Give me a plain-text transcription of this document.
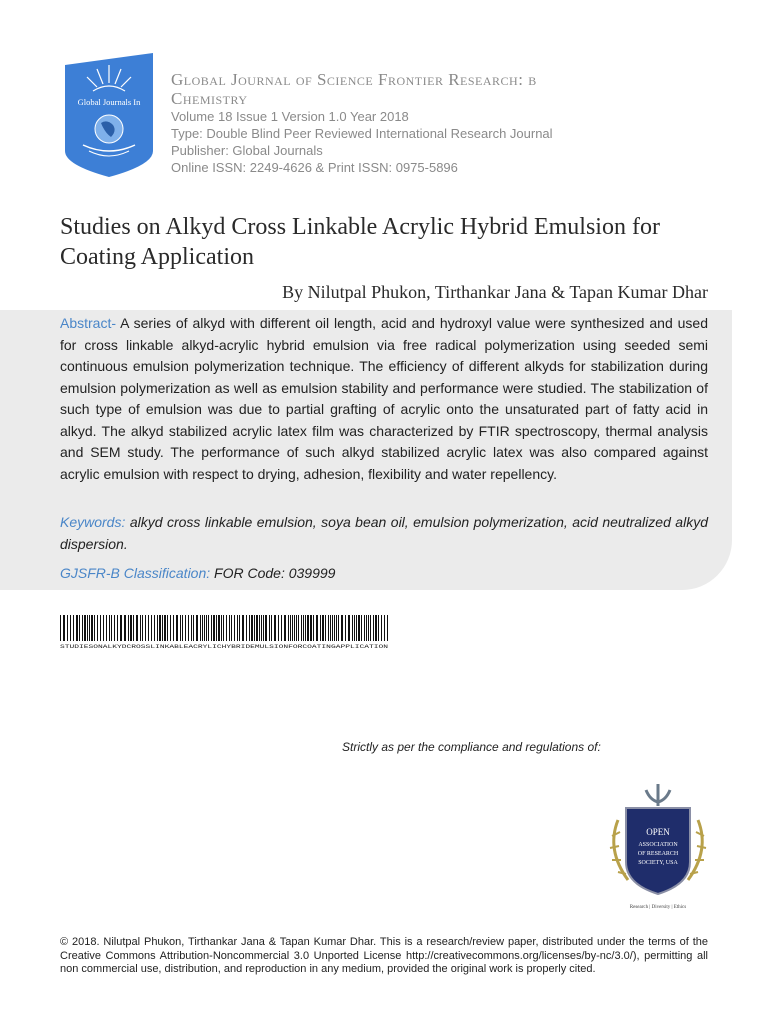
Global Journals In
Global Journal of Science Frontier Research: b
Chemistry
Volume 18 Issue 1 Version 1.0 Year 2018
Type: Double Blind Peer Reviewed International Research Journal
Publisher: Global Journals
Online ISSN: 2249-4626 & Print ISSN: 0975-5896
Studies on Alkyd Cross Linkable Acrylic Hybrid Emulsion for Coating Application
By Nilutpal Phukon, Tirthankar Jana & Tapan Kumar Dhar
Abstract- A series of alkyd with different oil length, acid and hydroxyl value were synthesized and used for cross linkable alkyd-acrylic hybrid emulsion via free radical polymerization using seeded semi continuous emulsion polymerization technique. The efficiency of different alkyds for stabilization during emulsion polymerization as well as emulsion stability and performance were studied. The stabilization of such type of emulsion was due to partial grafting of acrylic onto the unsaturated part of fatty acid in alkyd. The alkyd stabilized acrylic latex film was characterized by FTIR spectroscopy, thermal analysis and SEM study. The performance of such alkyd stabilized acrylic latex was also compared against acrylic emulsion with respect to drying, adhesion, flexibility and water repellency.
Keywords: alkyd cross linkable emulsion, soya bean oil, emulsion polymerization, acid neutralized alkyd dispersion.
GJSFR-B Classification: FOR Code: 039999
STUDIESONALKYDCROSSLINKABLEACRYLICHYBRIDEMULSIONFORCOATINGAPPLICATION
Strictly as per the compliance and regulations of:
OPEN
ASSOCIATION
OF RESEARCH
SOCIETY, USA
Research | Diversity | Ethics
© 2018. Nilutpal Phukon, Tirthankar Jana & Tapan Kumar Dhar. This is a research/review paper, distributed under the terms of the Creative Commons Attribution-Noncommercial 3.0 Unported License http://creativecommons.org/licenses/by-nc/3.0/), permitting all non commercial use, distribution, and reproduction in any medium, provided the original work is properly cited.
